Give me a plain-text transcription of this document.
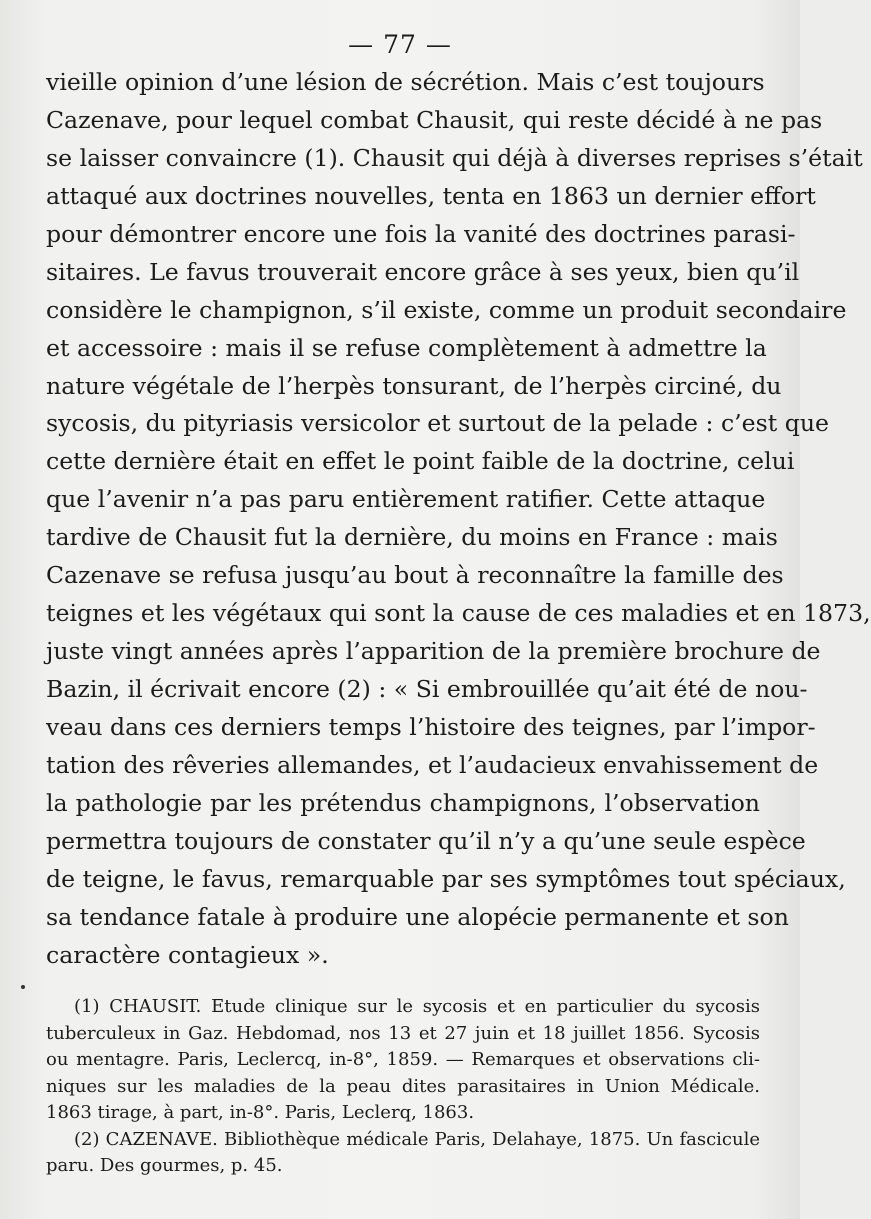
— 77 —
vieille opinion d’une lésion de sécrétion. Mais c’est toujours
Cazenave, pour lequel combat Chausit, qui reste décidé à ne pas
se laisser convaincre (1). Chausit qui déjà à diverses reprises s’était
attaqué aux doctrines nouvelles, tenta en 1863 un dernier effort
pour démontrer encore une fois la vanité des doctrines parasi-
sitaires. Le favus trouverait encore grâce à ses yeux, bien qu’il
considère le champignon, s’il existe, comme un produit secondaire
et accessoire : mais il se refuse complètement à admettre la
nature végétale de l’herpès tonsurant, de l’herpès circiné, du
sycosis, du pityriasis versicolor et surtout de la pelade : c’est que
cette dernière était en effet le point faible de la doctrine, celui
que l’avenir n’a pas paru entièrement ratifier. Cette attaque
tardive de Chausit fut la dernière, du moins en France : mais
Cazenave se refusa jusqu’au bout à reconnaître la famille des
teignes et les végétaux qui sont la cause de ces maladies et en 1873,
juste vingt années après l’apparition de la première brochure de
Bazin, il écrivait encore (2) : « Si embrouillée qu’ait été de nou-
veau dans ces derniers temps l’histoire des teignes, par l’impor-
tation des rêveries allemandes, et l’audacieux envahissement de
la pathologie par les prétendus champignons, l’observation
permettra toujours de constater qu’il n’y a qu’une seule espèce
de teigne, le favus, remarquable par ses symptômes tout spéciaux,
sa tendance fatale à produire une alopécie permanente et son
caractère contagieux ».
(1) CHAUSIT. Etude clinique sur le sycosis et en particulier du sycosis
tuberculeux in Gaz. Hebdomad, nos 13 et 27 juin et 18 juillet 1856. Sycosis
ou mentagre. Paris, Leclercq, in-8°, 1859. — Remarques et observations cli-
niques sur les maladies de la peau dites parasitaires in Union Médicale.
1863 tirage, à part, in-8°. Paris, Leclerq, 1863.
(2) CAZENAVE. Bibliothèque médicale Paris, Delahaye, 1875. Un fascicule
paru. Des gourmes, p. 45.
